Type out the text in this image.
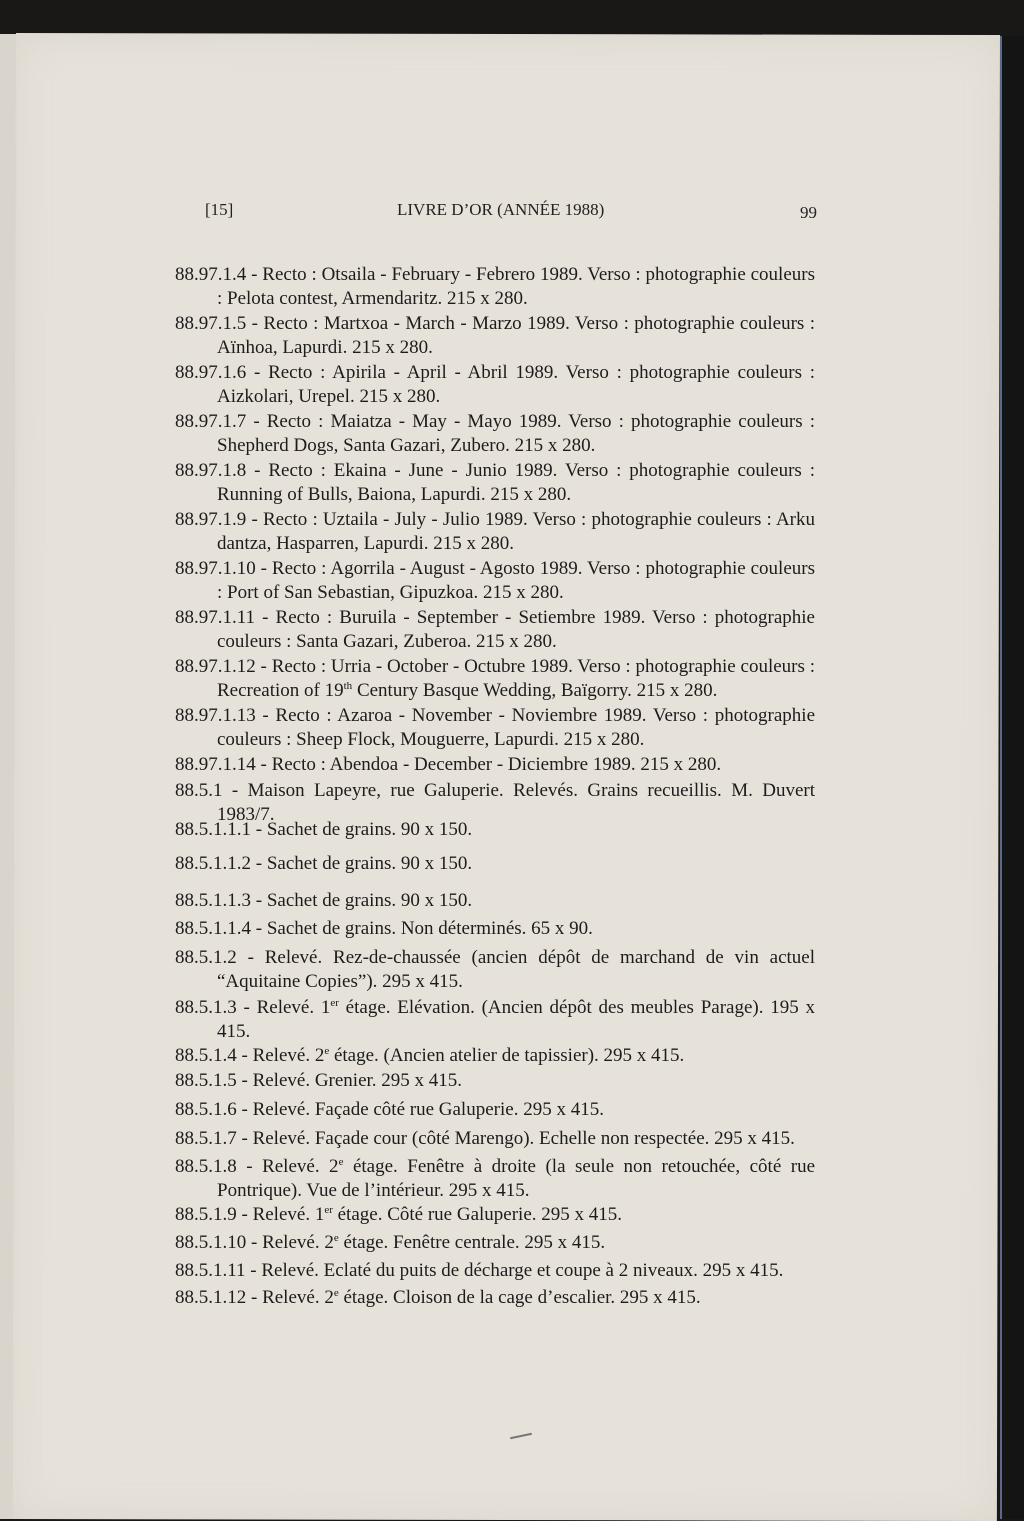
[15]	LIVRE D’OR (ANNÉE 1988)	99
88.97.1.4 - Recto : Otsaila - February - Febrero 1989. Verso : photographie couleurs : Pelota contest, Armendaritz. 215 x 280.
88.97.1.5 - Recto : Martxoa - March - Marzo 1989. Verso : photographie couleurs : Aïnhoa, Lapurdi. 215 x 280.
88.97.1.6 - Recto : Apirila - April - Abril 1989. Verso : photographie couleurs : Aizkolari, Urepel. 215 x 280.
88.97.1.7 - Recto : Maiatza - May - Mayo 1989. Verso : photographie couleurs : Shepherd Dogs, Santa Gazari, Zubero. 215 x 280.
88.97.1.8 - Recto : Ekaina - June - Junio 1989. Verso : photographie couleurs : Running of Bulls, Baiona, Lapurdi. 215 x 280.
88.97.1.9 - Recto : Uztaila - July - Julio 1989. Verso : photographie couleurs : Arku dantza, Hasparren, Lapurdi. 215 x 280.
88.97.1.10 - Recto : Agorrila - August - Agosto 1989. Verso : photographie couleurs : Port of San Sebastian, Gipuzkoa. 215 x 280.
88.97.1.11 - Recto : Buruila - September - Setiembre 1989. Verso : photographie couleurs : Santa Gazari, Zuberoa. 215 x 280.
88.97.1.12 - Recto : Urria - October - Octubre 1989. Verso : photographie couleurs : Recreation of 19th Century Basque Wedding, Baïgorry. 215 x 280.
88.97.1.13 - Recto : Azaroa - November - Noviembre 1989. Verso : photographie couleurs : Sheep Flock, Mouguerre, Lapurdi. 215 x 280.
88.97.1.14 - Recto : Abendoa - December - Diciembre 1989. 215 x 280.
88.5.1 - Maison Lapeyre, rue Galuperie. Relevés. Grains recueillis. M. Duvert 1983/7.
88.5.1.1.1 - Sachet de grains. 90 x 150.
88.5.1.1.2 - Sachet de grains. 90 x 150.
88.5.1.1.3 - Sachet de grains. 90 x 150.
88.5.1.1.4 - Sachet de grains. Non déterminés. 65 x 90.
88.5.1.2 - Relevé. Rez-de-chaussée (ancien dépôt de marchand de vin actuel “Aquitaine Copies”). 295 x 415.
88.5.1.3 - Relevé. 1er étage. Elévation. (Ancien dépôt des meubles Parage). 195 x 415.
88.5.1.4 - Relevé. 2e étage. (Ancien atelier de tapissier). 295 x 415.
88.5.1.5 - Relevé. Grenier. 295 x 415.
88.5.1.6 - Relevé. Façade côté rue Galuperie. 295 x 415.
88.5.1.7 - Relevé. Façade cour (côté Marengo). Echelle non respectée. 295 x 415.
88.5.1.8 - Relevé. 2e étage. Fenêtre à droite (la seule non retouchée, côté rue Pontrique). Vue de l’intérieur. 295 x 415.
88.5.1.9 - Relevé. 1er étage. Côté rue Galuperie. 295 x 415.
88.5.1.10 - Relevé. 2e étage. Fenêtre centrale. 295 x 415.
88.5.1.11 - Relevé. Eclaté du puits de décharge et coupe à 2 niveaux. 295 x 415.
88.5.1.12 - Relevé. 2e étage. Cloison de la cage d’escalier. 295 x 415.
